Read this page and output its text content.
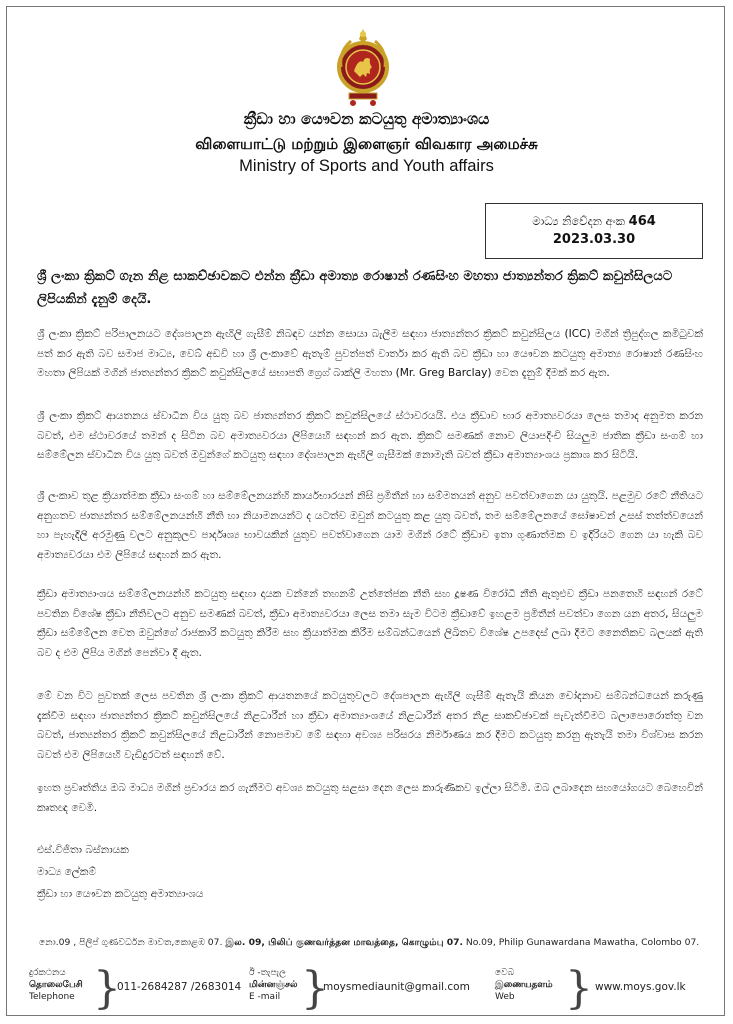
ක්‍රීඩා හා යෞවන කටයුතු අමාත්‍යාංශය
விளையாட்டு மற்றும் இளைஞர் விவகார அமைச்சு
Ministry of Sports and Youth affairs
මාධ්‍ය නිවේදන අංක 464
2023.03.30
ශ්‍රී ලංකා ක්‍රිකට් ගැන නිළ සාකච්ඡාවකට එන්න ක්‍රීඩා අමාත්‍ය රොෂාන් රණසිංහ මහතා ජාත්‍යන්තර ක්‍රිකට් කවුන්සිලයට ලිපියකින් දැනුම් දෙයි.
ශ්‍රී ලංකා ක්‍රිකට් පරිපාලනයට දේශපාලන ඇඟිලි ගැසීම් නිබඳව යන්න සොයා බැලීම සඳහා ජාත්‍යන්තර ක්‍රිකට් කවුන්සිලය (ICC) මගින් ත්‍රිපුද්ගල කමිටුවක් පත් කර ඇති බව සමාජ මාධ්‍ය, වෙබ් අඩවි හා ශ්‍රී ලංකාවේ ඇතැම් පුවත්පත් වාර්තා කර ඇති බව ක්‍රීඩා හා යෞවන කටයුතු අමාත්‍ය රොෂාන් රණසිංහ මහතා ලිපියක් මගින් ජාත්‍යන්තර ක්‍රිකට් කවුන්සිලයේ සභාපති ග්‍රෙග් බාක්ලි මහතා (Mr. Greg Barclay) වෙත දැනුම් දීමක් කර ඇත.
ශ්‍රී ලංකා ක්‍රිකට් ආයතනය ස්වාධීන විය යුතු බව ජාත්‍යන්තර ක්‍රිකට් කවුන්සිලයේ ස්ථාවරයයි. එය ක්‍රීඩාව භාර අමාත්‍යවරයා ලෙස තමාද අනුමත කරන බවත්, එම ස්ථාවරයේ තමන් ද සිටින බව අමාත්‍යවරයා ලිපියෙහි සඳහන් කර ඇත. ක්‍රිකට් සමණක් නොව ලියාපදිංචි සියලුම ජාතික ක්‍රීඩා සංගම් හා සම්මේලන ස්වාධීන විය යුතු බවත් ඔවුන්ගේ කටයුතු සඳහා දේශපාලන ඇඟිලි ගැසීමක් නොමැති බවත් ක්‍රීඩා අමාත්‍යාංශය ප්‍රකාශ කර සිටියි.
ශ්‍රී ලංකාව තුළ ක්‍රියාත්මක ක්‍රීඩා සංගම් හා සම්මේලනයන්හි කාර්යභාරයන් නිසි ප්‍රමිතීන් හා සම්මතයන් අනුව පවත්වාගෙන යා යුතුයි. පළමුව රටේ නීතියට අනුගතව ජාත්‍යන්තර සම්මේලනයන්හි නීති හා නියාමනයන්ට ද යටත්ව ඔවුන් කටයුතු කළ යුතු බවත්, තම සම්මේලනයේ ඝෝෂාවන් උසස් තත්ත්වයෙන් හා පැහැදිලි අරමුණු වලට අනුකූලව පාර්දෘශ්‍ය භාවයකින් යුතුව පවත්වාගෙන යාම මගින් රටේ ක්‍රීඩාව ඉතා ගුණාත්මක ව ඉදිරියට ගෙන යා හැකි බව අමාත්‍යවරයා එම ලිපියේ සඳහන් කර ඇත.
ක්‍රීඩා අමාත්‍යාංශය සම්මේලනයන්හි කටයුතු සඳහා දායක වන්නේ තහනම් උත්තේජක නීති සහ දූෂණ විරෝධී නීති ඇතුළුව ක්‍රීඩා පනතෙහි සඳහන් රටේ පවතින විශේෂ ක්‍රීඩා නීතිවලට අනුව සමණක් බවත්, ක්‍රීඩා අමාත්‍යවරයා ලෙස තමා සැම විටම ක්‍රීඩාවේ ඉහළම ප්‍රමිතීන් පවත්වා ගෙන යන අතර, සියලුම ක්‍රීඩා සම්මේලන වෙත ඔවුන්ගේ රාජකාරි කටයුතු කිරීම සහ ක්‍රියාත්මක කිරීම සම්බන්ධයෙන් ලිඛිතව විශේෂ උපදෙස් ලබා දීමට නෛතිකව බලයක් ඇති බව ද එම ලිපිය මගින් පෙන්වා දී ඇත.
මේ වන විට පුවතක් ලෙස පවතින ශ්‍රී ලංකා ක්‍රිකට් ආයතනයේ කටයුතුවලට දේශපාලන ඇඟිලි ගැසීම් ඇතැයි කියන චෝදනාව සම්බන්ධයෙන් කරුණු දැක්වීම සඳහා ජාත්‍යන්තර ක්‍රිකට් කවුන්සිලයේ නිළධාරීන් හා ක්‍රීඩා අමාත්‍යාංශයේ නිළධාරීන් අතර නිළ සාකච්ඡාවක් පැවැත්වීමට බලාපොරොත්තු වන බවත්, ජාත්‍යන්තර ක්‍රිකට් කවුන්සිලයේ නිළධාරීන් නොපමාව මේ සඳහා අවශ්‍ය පරිසරය නිර්මාණය කර දීමට කටයුතු කරනු ඇතැයි තමා විශ්වාස කරන බවත් එම ලිපියෙහි වැඩිදුරටත් සඳහන් වේ.
ඉහත ප්‍රවෘත්තිය ඔබ මාධ්‍ය මගින් ප්‍රචාරය කර ගැනීමට අවශ්‍ය කටයුතු සළසා දෙන ලෙස කාරුණිකව ඉල්ලා සිටිමි. ඔබ ලබාදෙන සහයෝගයට බෙහෙවින් කෘතඥ වෙමි.
එස්.විජිතා බස්නායක
මාධ්‍ය ලේකම්
ක්‍රීඩා හා යෞවන කටයුතු අමාත්‍යාංශය
නො.09 , පිලිප් ගුණවර්ධන මාවත,කොළඹ 07. இல. 09, பிலிப் குணவர்த்தன மாவத்தை, கொழும்பு 07. No.09, Philip Gunawardana Mawatha, Colombo 07.
දුරකථනය
தொலைபேசி
Telephone }
011-2684287 /2683014
ඊ -තැපැල
மின்னஞ்சல்
E -mail }
moysmediaunit@gmail.com
වෙබ
இணையதளம்
Web	} www.moys.gov.lk
